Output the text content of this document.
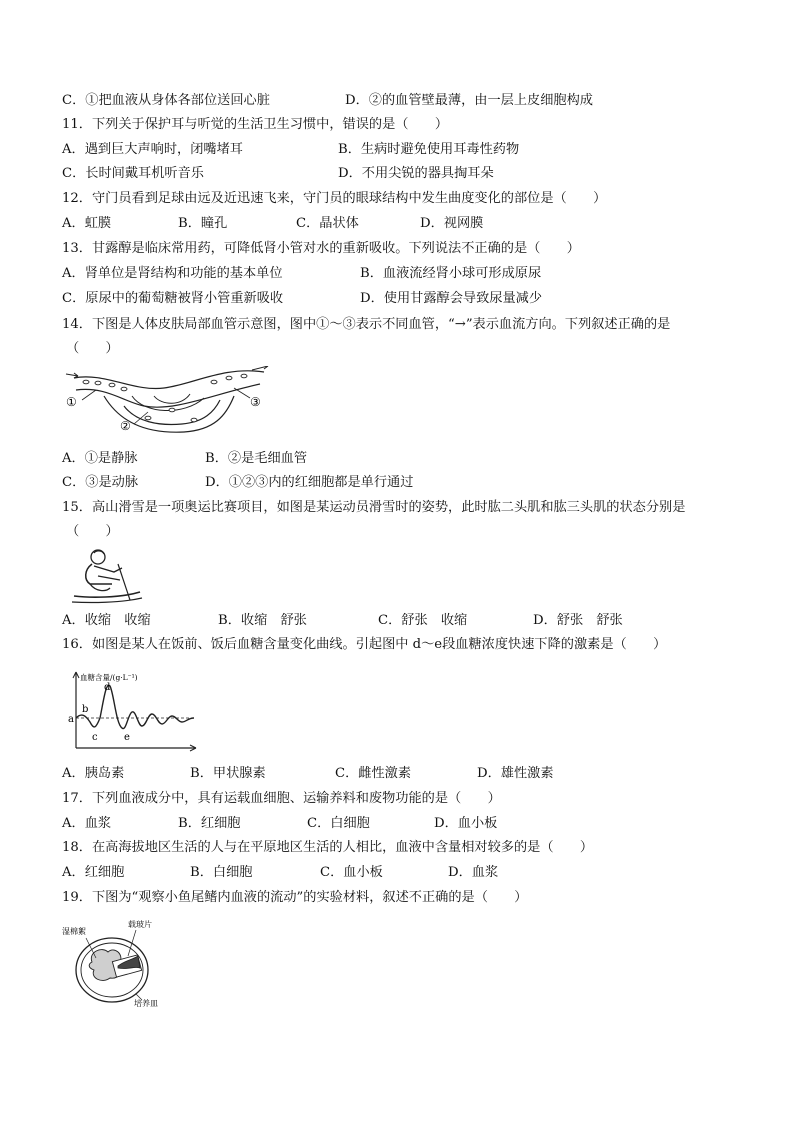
C．①把血液从身体各部位送回心脏	D．②的血管壁最薄，由一层上皮细胞构成
11．下列关于保护耳与听觉的生活卫生习惯中，错误的是（　　）
A．遇到巨大声响时，闭嘴堵耳	B．生病时避免使用耳毒性药物
C．长时间戴耳机听音乐	D．不用尖锐的器具掏耳朵
12．守门员看到足球由远及近迅速飞来，守门员的眼球结构中发生曲度变化的部位是（　　）
A．虹膜	B．瞳孔	C．晶状体	D．视网膜
13．甘露醇是临床常用药，可降低肾小管对水的重新吸收。下列说法不正确的是（　　）
A．肾单位是肾结构和功能的基本单位	B．血液流经肾小球可形成原尿
C．原尿中的葡萄糖被肾小管重新吸收	D．使用甘露醇会导致尿量减少
14．下图是人体皮肤局部血管示意图，图中①～③表示不同血管，“→”表示血流方向。下列叙述正确的是
（　　）
①
②
③
A．①是静脉	B．②是毛细血管
C．③是动脉	D．①②③内的红细胞都是单行通过
15．高山滑雪是一项奥运比赛项目，如图是某运动员滑雪时的姿势，此时肱二头肌和肱三头肌的状态分别是
（　　）
A．收缩　收缩	B．收缩　舒张	C．舒张　收缩	D．舒张　舒张
16．如图是某人在饭前、饭后血糖含量变化曲线。引起图中 d～e段血糖浓度快速下降的激素是（　　）
血糖含量/(g·L⁻¹)
a
b
c
d
e
A．胰岛素	B．甲状腺素	C．雌性激素	D．雄性激素
17．下列血液成分中，具有运载血细胞、运输养料和废物功能的是（　　）
A．血浆	B．红细胞	C．白细胞	D．血小板
18．在高海拔地区生活的人与在平原地区生活的人相比，血液中含量相对较多的是（　　）
A．红细胞	B．白细胞	C．血小板	D．血浆
19．下图为“观察小鱼尾鳍内血液的流动”的实验材料，叙述不正确的是（　　）
湿棉絮
载玻片
培养皿
